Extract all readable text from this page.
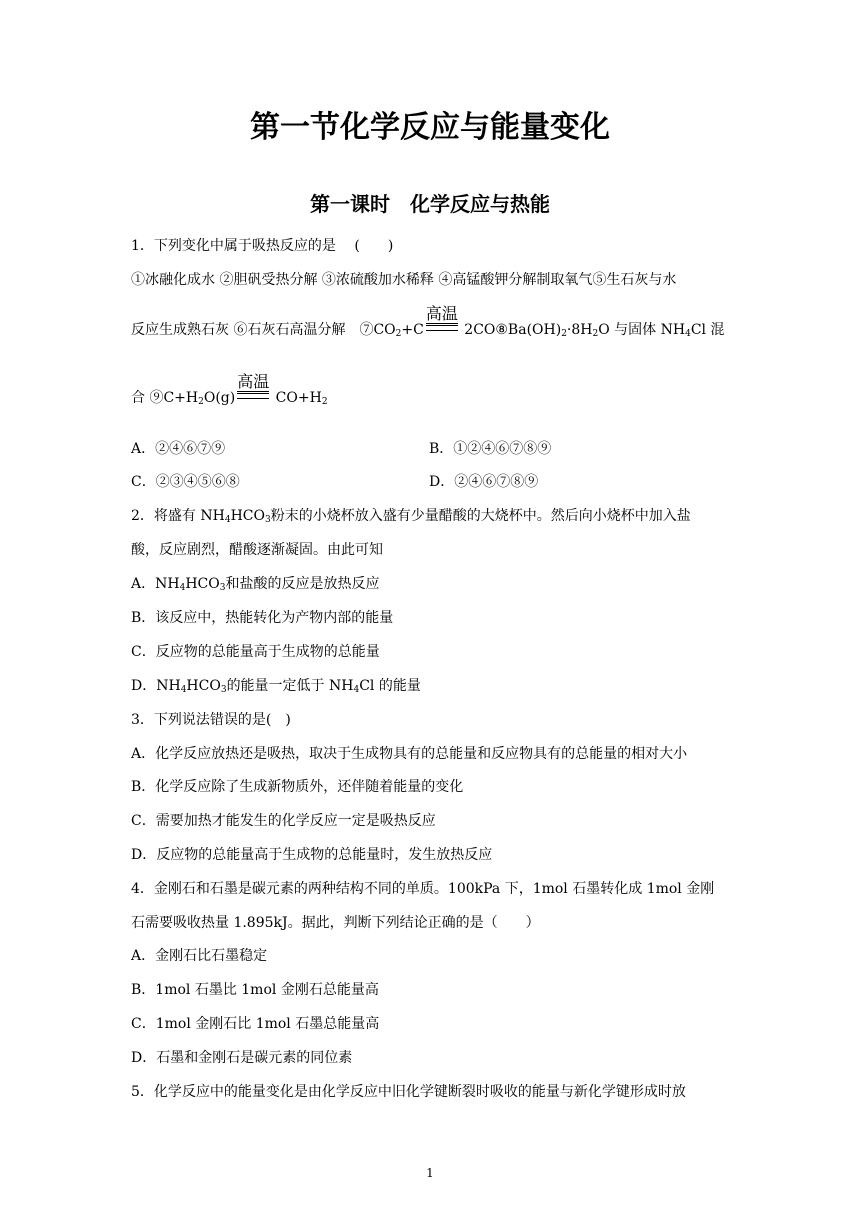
第一节化学反应与能量变化
第一课时　化学反应与热能
1．下列变化中属于吸热反应的是　 (　　)
①冰融化成水 ②胆矾受热分解 ③浓硫酸加水稀释 ④高锰酸钾分解制取氧气⑤生石灰与水
反应生成熟石灰 ⑥石灰石高温分解　$⑦CO_2+C$
高温
$2CO⑧Ba(OH)_2\cdot 8H_2O$ 与固体 $NH_4Cl$ 混
合 $⑨C+H_2O(g)$
高温
$CO+H_2$
A．②④⑥⑦⑨	B．①②④⑥⑦⑧⑨
C．②③④⑤⑥⑧	D．②④⑥⑦⑧⑨
2．将盛有 $NH_4HCO_3$粉末的小烧杯放入盛有少量醋酸的大烧杯中。然后向小烧杯中加入盐
酸，反应剧烈，醋酸逐渐凝固。由此可知
A．$NH_4HCO_3$和盐酸的反应是放热反应
B．该反应中，热能转化为产物内部的能量
C．反应物的总能量高于生成物的总能量
D．$NH_4HCO_3$的能量一定低于 $NH_4Cl$ 的能量
3．下列说法错误的是(　)
A．化学反应放热还是吸热，取决于生成物具有的总能量和反应物具有的总能量的相对大小
B．化学反应除了生成新物质外，还伴随着能量的变化
C．需要加热才能发生的化学反应一定是吸热反应
D．反应物的总能量高于生成物的总能量时，发生放热反应
4．金刚石和石墨是碳元素的两种结构不同的单质。100kPa 下，1mol 石墨转化成 1mol 金刚
石需要吸收热量 1.895kJ。据此，判断下列结论正确的是（　　）
A．金刚石比石墨稳定
B．1mol 石墨比 1mol 金刚石总能量高
C．1mol 金刚石比 1mol 石墨总能量高
D．石墨和金刚石是碳元素的同位素
5．化学反应中的能量变化是由化学反应中旧化学键断裂时吸收的能量与新化学键形成时放
1
